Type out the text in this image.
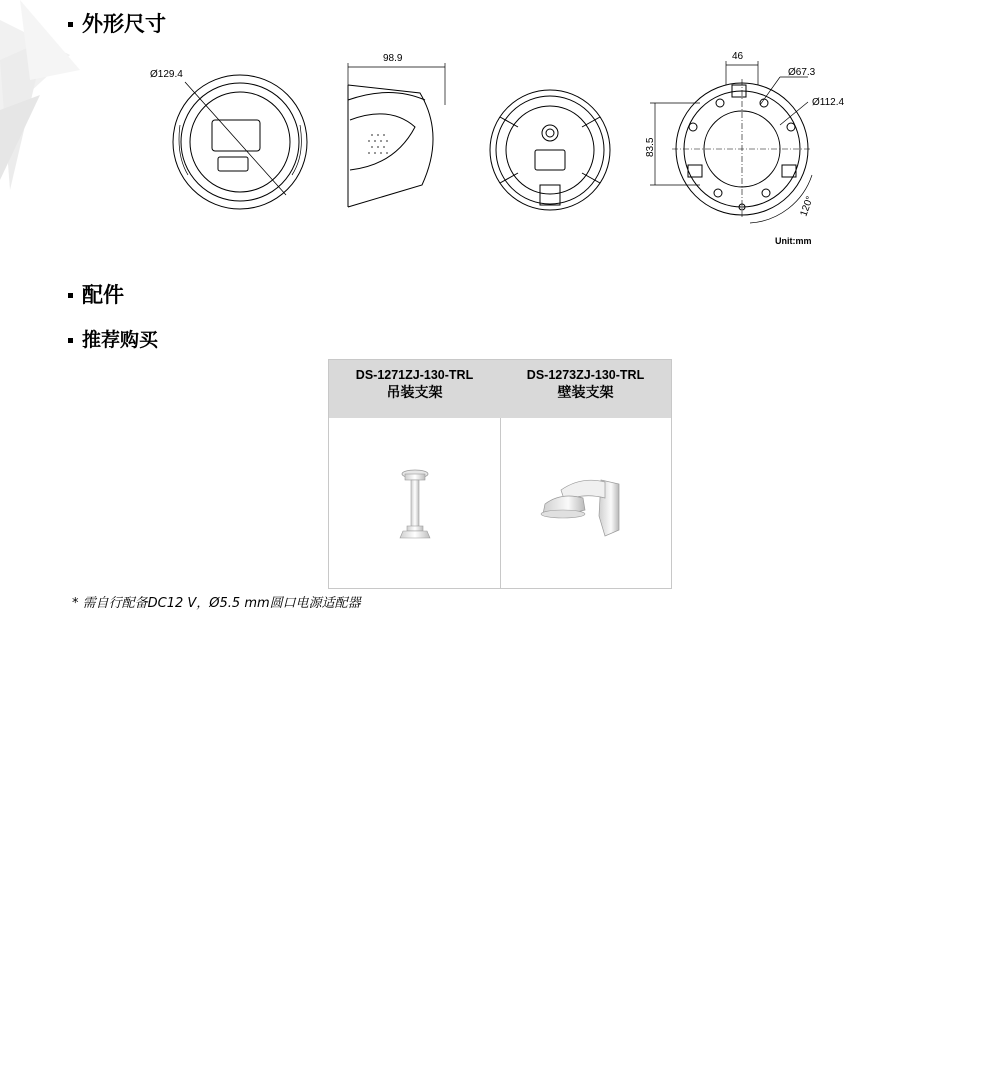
外形尺寸
Ø129.4
98.9	46
Ø67.3
Ø112.4
83.5
120°
Unit:mm
配件
推荐购买
DS-1271ZJ-130-TRL
吊装支架
DS-1273ZJ-130-TRL
壁装支架
* 需自行配备DC12 V，Ø5.5 mm圆口电源适配器
